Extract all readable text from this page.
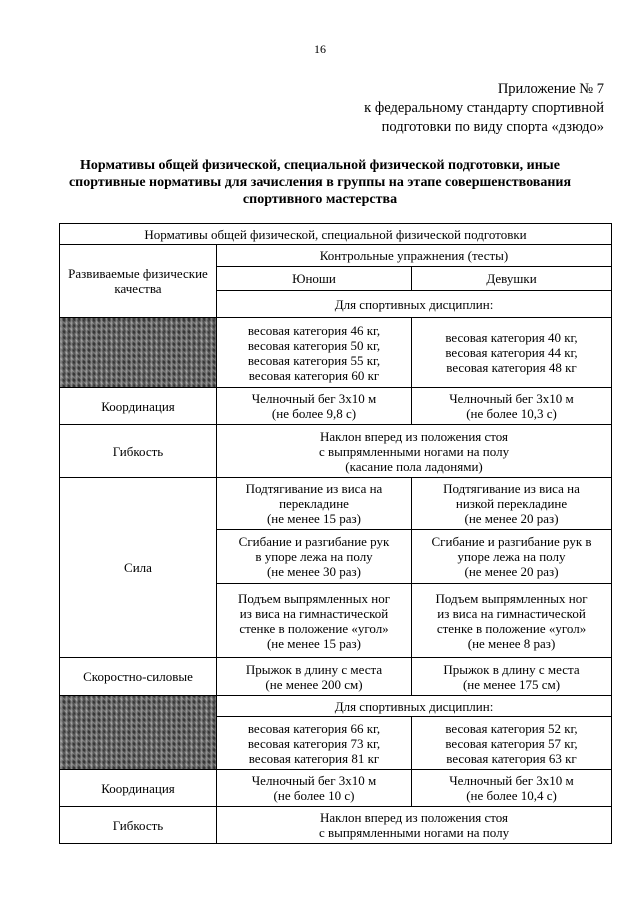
16
Приложение № 7
к федеральному стандарту спортивной
подготовки по виду спорта «дзюдо»
Нормативы общей физической, специальной физической подготовки, иные
спортивные нормативы для зачисления в группы на этапе совершенствования
спортивного мастерства
Нормативы общей физической, специальной физической подготовки		
Развиваемые физические качества	Контрольные упражнения (тесты)	
	Юноши	Девушки
	Для спортивных дисциплин:	

	весовая категория 46 кг,
весовая категория 50 кг,
весовая категория 55 кг,
весовая категория 60 кг	весовая категория 40 кг,
весовая категория 44 кг,
весовая категория 48 кг

Координация	Челночный бег 3x10 м
(не более 9,8 с)	Челночный бег 3x10 м
(не более 10,3 с)

Гибкость	Наклон вперед из положения стоя
с выпрямленными ногами на полу
(касание пола ладонями)	

Сила	Подтягивание из виса на
перекладине
(не менее 15 раз)	Подтягивание из виса на
низкой перекладине
(не менее 20 раз)

	Сгибание и разгибание рук
в упоре лежа на полу
(не менее 30 раз)	Сгибание и разгибание рук в
упоре лежа на полу
(не менее 20 раз)

	Подъем выпрямленных ног
из виса на гимнастической
стенке в положение «угол»
(не менее 15 раз)	Подъем выпрямленных ног
из виса на гимнастической
стенке в положение «угол»
(не менее 8 раз)

Скоростно-силовые	Прыжок в длину с места
(не менее 200 см)	Прыжок в длину с места
(не менее 175 см)

	Для спортивных дисциплин:	

	весовая категория 66 кг,
весовая категория 73 кг,
весовая категория 81 кг	весовая категория 52 кг,
весовая категория 57 кг,
весовая категория 63 кг

Координация	Челночный бег 3x10 м
(не более 10 с)	Челночный бег 3x10 м
(не более 10,4 с)

Гибкость	Наклон вперед из положения стоя
с выпрямленными ногами на полу	
